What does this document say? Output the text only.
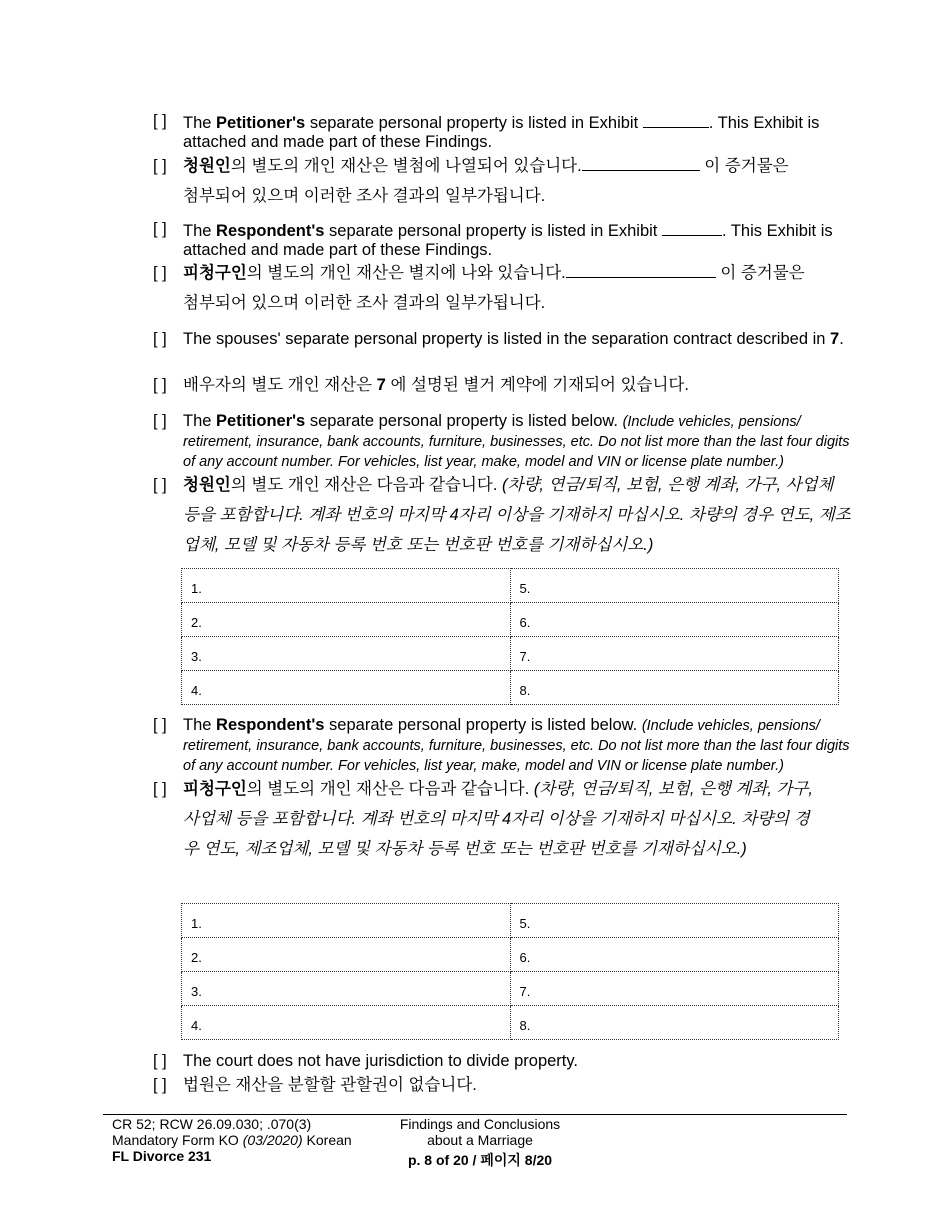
[ ] The Petitioner's separate personal property is listed in Exhibit	. This Exhibit is attached and made part of these Findings.
[ ] 청원인의 별도의 개인 재산은 별첨에 나열되어 있습니다.	이 증거물은
첨부되어 있으며 이러한 조사 결과의 일부가됩니다.
[ ] The Respondent's separate personal property is listed in Exhibit	. This Exhibit is attached and made part of these Findings.
[ ] 피청구인의 별도의 개인 재산은 별지에 나와 있습니다.	이 증거물은
첨부되어 있으며 이러한 조사 결과의 일부가됩니다.
[ ] The spouses' separate personal property is listed in the separation contract described in 7.
[ ] 배우자의 별도 개인 재산은 7 에 설명된 별거 계약에 기재되어 있습니다.
[ ] The Petitioner's separate personal property is listed below. (Include vehicles, pensions/ retirement, insurance, bank accounts, furniture, businesses, etc. Do not list more than the last four digits of any account number. For vehicles, list year, make, model and VIN or license plate number.)
[ ] 청원인의 별도 개인 재산은 다음과 같습니다. (차량, 연금/퇴직, 보험, 은행 계좌, 가구, 사업체 등을 포함합니다. 계좌 번호의 마지막 4자리 이상을 기재하지 마십시오. 차량의 경우 연도, 제조업체, 모델 및 자동차 등록 번호 또는 번호판 번호를 기재하십시오.)
1.	5.
2.	6.
3.	7.
4.	8.
[ ] The Respondent's separate personal property is listed below. (Include vehicles, pensions/ retirement, insurance, bank accounts, furniture, businesses, etc. Do not list more than the last four digits of any account number. For vehicles, list year, make, model and VIN or license plate number.)
[ ] 피청구인의 별도의 개인 재산은 다음과 같습니다. (차량, 연금/퇴직, 보험, 은행 계좌, 가구, 사업체 등을 포함합니다. 계좌 번호의 마지막 4자리 이상을 기재하지 마십시오. 차량의 경우 연도, 제조업체, 모델 및 자동차 등록 번호 또는 번호판 번호를 기재하십시오.)
1.	5.
2.	6.
3.	7.
4.	8.
[ ] The court does not have jurisdiction to divide property.
[ ] 법원은 재산을 분할할 관할권이 없습니다.
CR 52; RCW 26.09.030; .070(3)
Mandatory Form KO (03/2020) Korean
FL Divorce 231
Findings and Conclusions
about a Marriage
p. 8 of 20 / 페이지 8/20
